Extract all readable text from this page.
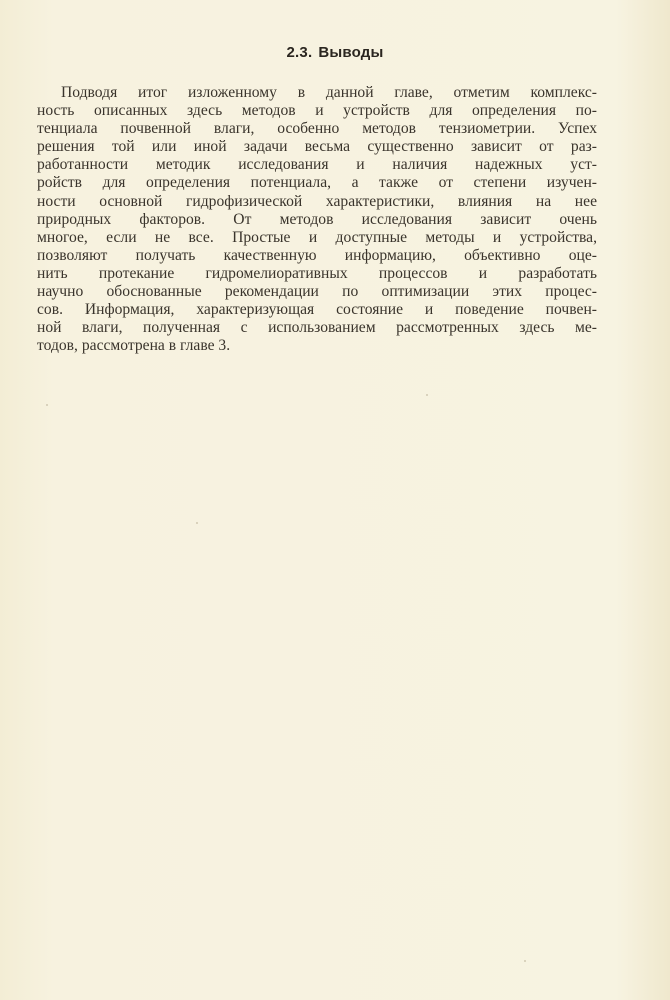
2.3. Выводы
Подводя итог изложенному в данной главе, отметим комплекс-
ность описанных здесь методов и устройств для определения по-
тенциала почвенной влаги, особенно методов тензиометрии. Успех
решения той или иной задачи весьма существенно зависит от раз-
работанности методик исследования и наличия надежных уст-
ройств для определения потенциала, а также от степени изучен-
ности основной гидрофизической характеристики, влияния на нее
природных факторов. От методов исследования зависит очень
многое, если не все. Простые и доступные методы и устройства,
позволяют получать качественную информацию, объективно оце-
нить протекание гидромелиоративных процессов и разработать
научно обоснованные рекомендации по оптимизации этих процес-
сов. Информация, характеризующая состояние и поведение почвен-
ной влаги, полученная с использованием рассмотренных здесь ме-
тодов, рассмотрена в главе 3.
